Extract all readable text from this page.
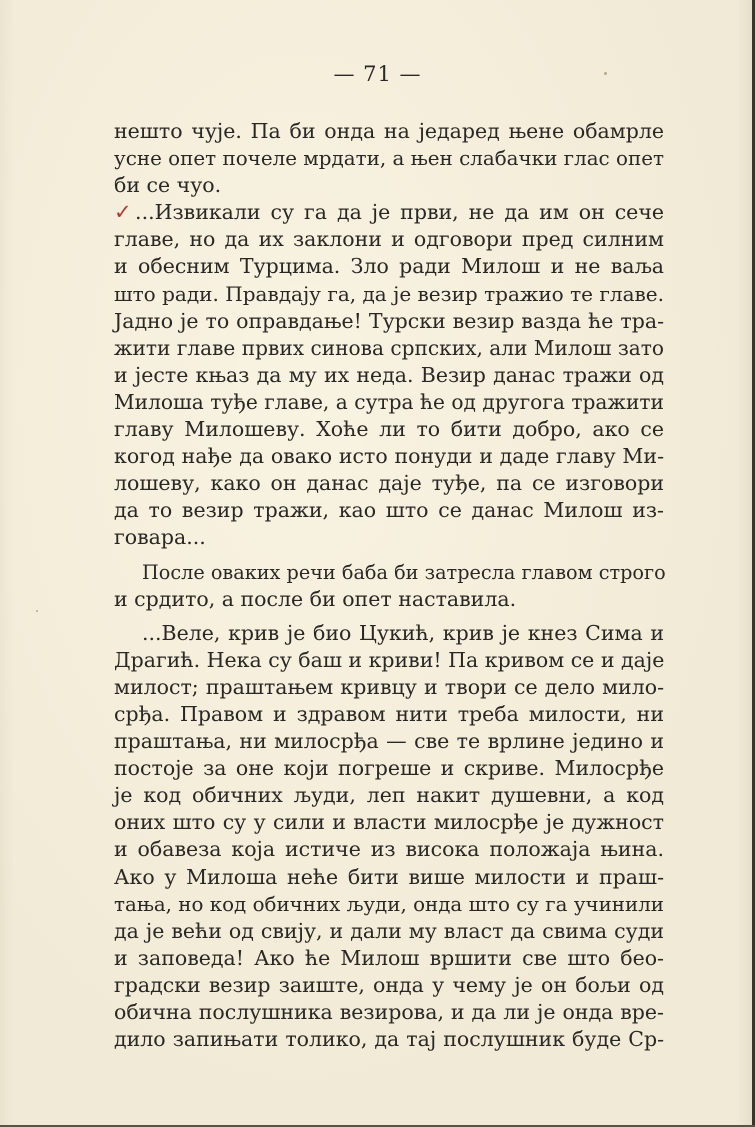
— 71 —
нешто чује. Па би онда на једаред њене обамрле
усне опет почеле мрдати, а њен слабачки глас опет
би се чуо.
✓...Извикали су га да је први, не да им он сече
главе, но да их заклони и одговори пред силним
и обесним Турцима. Зло ради Милош и не ваља
што ради. Правдају га, да је везир тражио те главе.
Јадно је то оправдање! Турски везир вазда ће тра-
жити главе првих синова српских, али Милош зато
и јесте књаз да му их неда. Везир данас тражи од
Милоша туђе главе, а сутра ће од другога тражити
главу Милошеву. Хоће ли то бити добро, ако се
когод нађе да овако исто понуди и даде главу Ми-
лошеву, како он данас даје туђе, па се изговори
да то везир тражи, као што се данас Милош из-
говара...
После оваких речи баба би затресла главом строго
и срдито, а после би опет наставила.
...Веле, крив је био Цукић, крив је кнез Сима и
Драгић. Нека су баш и криви! Па кривом се и даје
милост; праштањем кривцу и твори се дело мило-
срђа. Правом и здравом нити треба милости, ни
праштања, ни милосрђа — све те врлине једино и
постоје за оне који погреше и скриве. Милосрђе
је код обичних људи, леп накит душевни, а код
оних што су у сили и власти милосрђе је дужност
и обавеза која истиче из висока положаја њина.
Ако у Милоша неће бити више милости и праш-
тања, но код обичних људи, онда што су га учинили
да је већи од свију, и дали му власт да свима суди
и заповеда! Ако ће Милош вршити све што бео-
градски везир заиште, онда у чему је он бољи од
обична послушника везирова, и да ли је онда вре-
дило запињати толико, да тај послушник буде Ср-
